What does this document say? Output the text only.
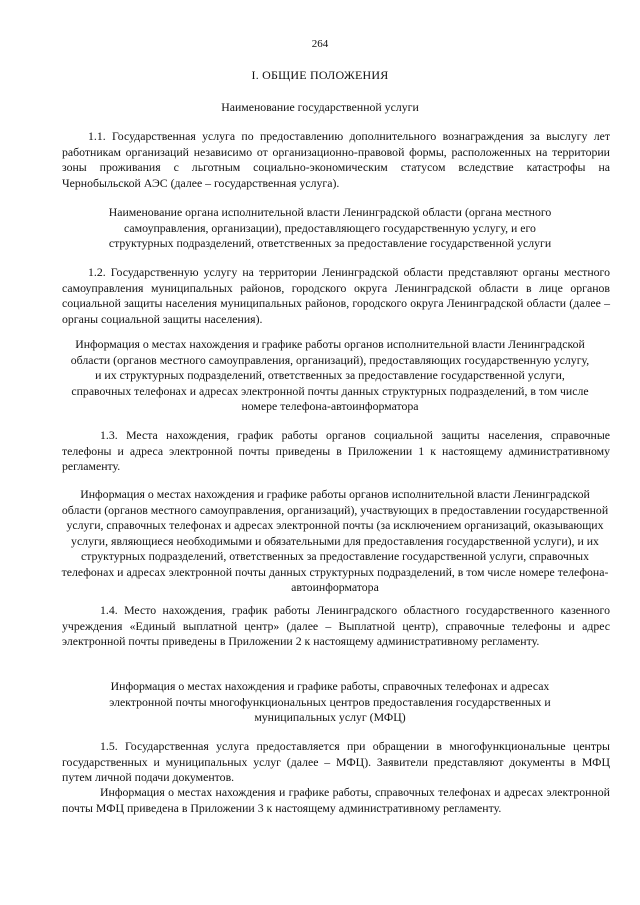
264
I. ОБЩИЕ ПОЛОЖЕНИЯ
Наименование государственной услуги
1.1. Государственная услуга по предоставлению дополнительного вознаграждения за выслугу лет работникам организаций независимо от организационно-правовой формы, расположенных на территории зоны проживания с льготным социально-экономическим статусом вследствие катастрофы на Чернобыльской АЭС (далее – государственная услуга).
Наименование органа исполнительной власти Ленинградской области (органа местного самоуправления, организации), предоставляющего государственную услугу, и его структурных подразделений, ответственных за предоставление государственной услуги
1.2. Государственную услугу на территории Ленинградской области представляют органы местного самоуправления муниципальных районов, городского округа Ленинградской области в лице органов социальной защиты населения муниципальных районов, городского округа Ленинградской области (далее – органы социальной защиты населения).
Информация о местах нахождения и графике работы органов исполнительной власти Ленинградской области (органов местного самоуправления, организаций), предоставляющих государственную услугу, и их структурных подразделений, ответственных за предоставление государственной услуги, справочных телефонах и адресах электронной почты данных структурных подразделений, в том числе номере телефона-автоинформатора
1.3. Места нахождения, график работы органов социальной защиты населения, справочные телефоны и адреса электронной почты приведены в Приложении 1 к настоящему административному регламенту.
Информация о местах нахождения и графике работы органов исполнительной власти Ленинградской области (органов местного самоуправления, организаций), участвующих в предоставлении государственной услуги, справочных телефонах и адресах электронной почты (за исключением организаций, оказывающих услуги, являющиеся необходимыми и обязательными для предоставления государственной услуги), и их структурных подразделений, ответственных за предоставление государственной услуги, справочных телефонах и адресах электронной почты данных структурных подразделений, в том числе номере телефона-автоинформатора
1.4. Место нахождения, график работы Ленинградского областного государственного казенного учреждения «Единый выплатной центр» (далее – Выплатной центр), справочные телефоны и адрес электронной почты приведены в Приложении 2 к настоящему административному регламенту.
Информация о местах нахождения и графике работы, справочных телефонах и адресах электронной почты многофункциональных центров предоставления государственных и муниципальных услуг (МФЦ)
1.5. Государственная услуга предоставляется при обращении в многофункциональные центры государственных и муниципальных услуг (далее – МФЦ). Заявители представляют документы в МФЦ путем личной подачи документов.
Информация о местах нахождения и графике работы, справочных телефонах и адресах электронной почты МФЦ приведена в Приложении 3 к настоящему административному регламенту.
